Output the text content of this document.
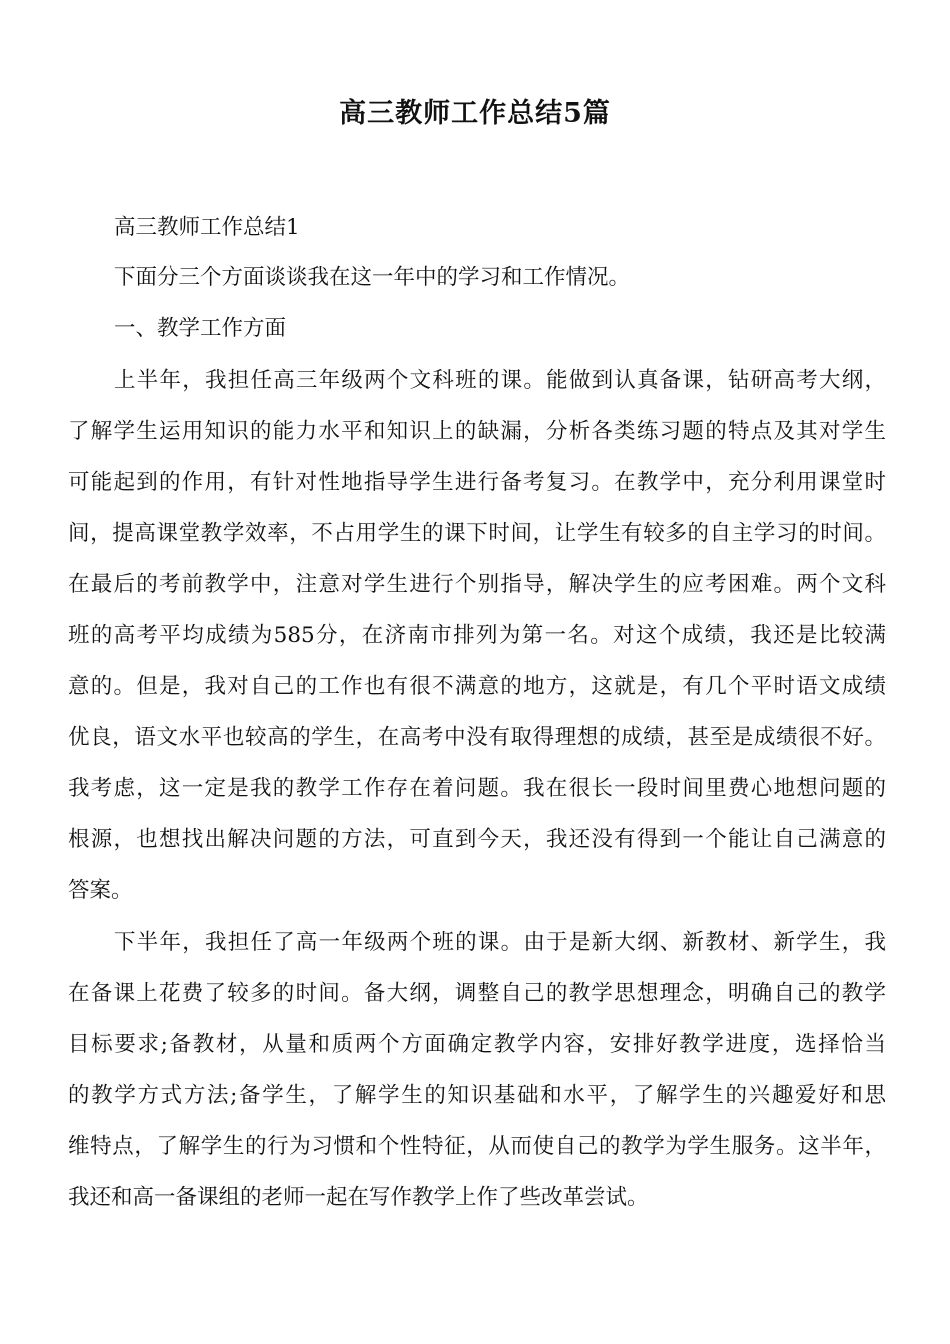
高三教师工作总结5篇

高三教师工作总结1

下面分三个方面谈谈我在这一年中的学习和工作情况。

一、教学工作方面

上半年，我担任高三年级两个文科班的课。能做到认真备课，钻研高考大纲，

了解学生运用知识的能力水平和知识上的缺漏，分析各类练习题的特点及其对学生

可能起到的作用，有针对性地指导学生进行备考复习。在教学中，充分利用课堂时

间，提高课堂教学效率，不占用学生的课下时间，让学生有较多的自主学习的时间。

在最后的考前教学中，注意对学生进行个别指导，解决学生的应考困难。两个文科

班的高考平均成绩为585分，在济南市排列为第一名。对这个成绩，我还是比较满

意的。但是，我对自己的工作也有很不满意的地方，这就是，有几个平时语文成绩

优良，语文水平也较高的学生，在高考中没有取得理想的成绩，甚至是成绩很不好。

我考虑，这一定是我的教学工作存在着问题。我在很长一段时间里费心地想问题的

根源，也想找出解决问题的方法，可直到今天，我还没有得到一个能让自己满意的

答案。

下半年，我担任了高一年级两个班的课。由于是新大纲、新教材、新学生，我

在备课上花费了较多的时间。备大纲，调整自己的教学思想理念，明确自己的教学

目标要求;备教材，从量和质两个方面确定教学内容，安排好教学进度，选择恰当

的教学方式方法;备学生，了解学生的知识基础和水平，了解学生的兴趣爱好和思

维特点，了解学生的行为习惯和个性特征，从而使自己的教学为学生服务。这半年，

我还和高一备课组的老师一起在写作教学上作了些改革尝试。
